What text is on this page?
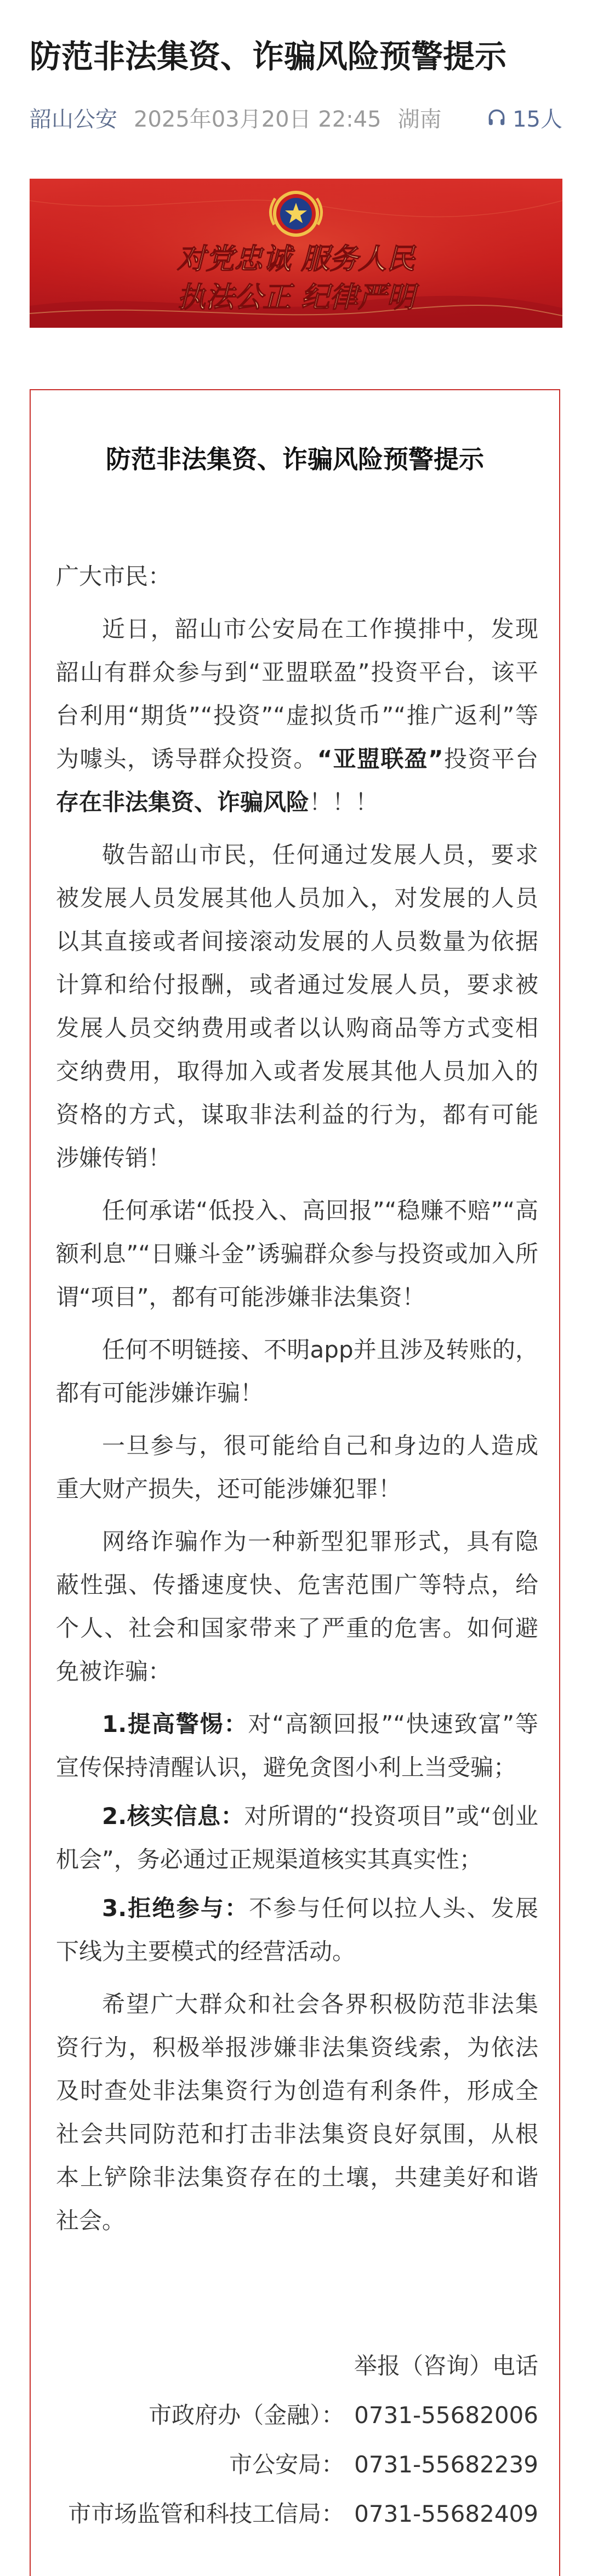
防范非法集资、诈骗风险预警提示
韶山公安 2025年03月20日 22:45 湖南	15人
对党忠诚 服务人民
执法公正 纪律严明
防范非法集资、诈骗风险预警提示

广大市民：

近日，韶山市公安局在工作摸排中，发现韶山有群众参与到“亚盟联盈”投资平台，该平台利用“期货”“投资”“虚拟货币”“推广返利”等为噱头，诱导群众投资。“亚盟联盈”投资平台存在非法集资、诈骗风险！！！

敬告韶山市民，任何通过发展人员，要求被发展人员发展其他人员加入，对发展的人员以其直接或者间接滚动发展的人员数量为依据计算和给付报酬，或者通过发展人员，要求被发展人员交纳费用或者以认购商品等方式变相交纳费用，取得加入或者发展其他人员加入的资格的方式，谋取非法利益的行为，都有可能涉嫌传销！

任何承诺“低投入、高回报”“稳赚不赔”“高额利息”“日赚斗金”诱骗群众参与投资或加入所谓“项目”，都有可能涉嫌非法集资！

任何不明链接、不明app并且涉及转账的，都有可能涉嫌诈骗！

一旦参与，很可能给自己和身边的人造成重大财产损失，还可能涉嫌犯罪！

网络诈骗作为一种新型犯罪形式，具有隐蔽性强、传播速度快、危害范围广等特点，给个人、社会和国家带来了严重的危害。如何避免被诈骗：

1.提高警惕：对“高额回报”“快速致富”等宣传保持清醒认识，避免贪图小利上当受骗；

2.核实信息：对所谓的“投资项目”或“创业机会”，务必通过正规渠道核实其真实性；

3.拒绝参与：不参与任何以拉人头、发展下线为主要模式的经营活动。

希望广大群众和社会各界积极防范非法集资行为，积极举报涉嫌非法集资线索，为依法及时查处非法集资行为创造有利条件，形成全社会共同防范和打击非法集资良好氛围，从根本上铲除非法集资存在的土壤，共建美好和谐社会。

举报（咨询）电话
市政府办（金融）： 0731-55682006
市公安局： 0731-55682239
市市场监管和科技工信局： 0731-55682409
